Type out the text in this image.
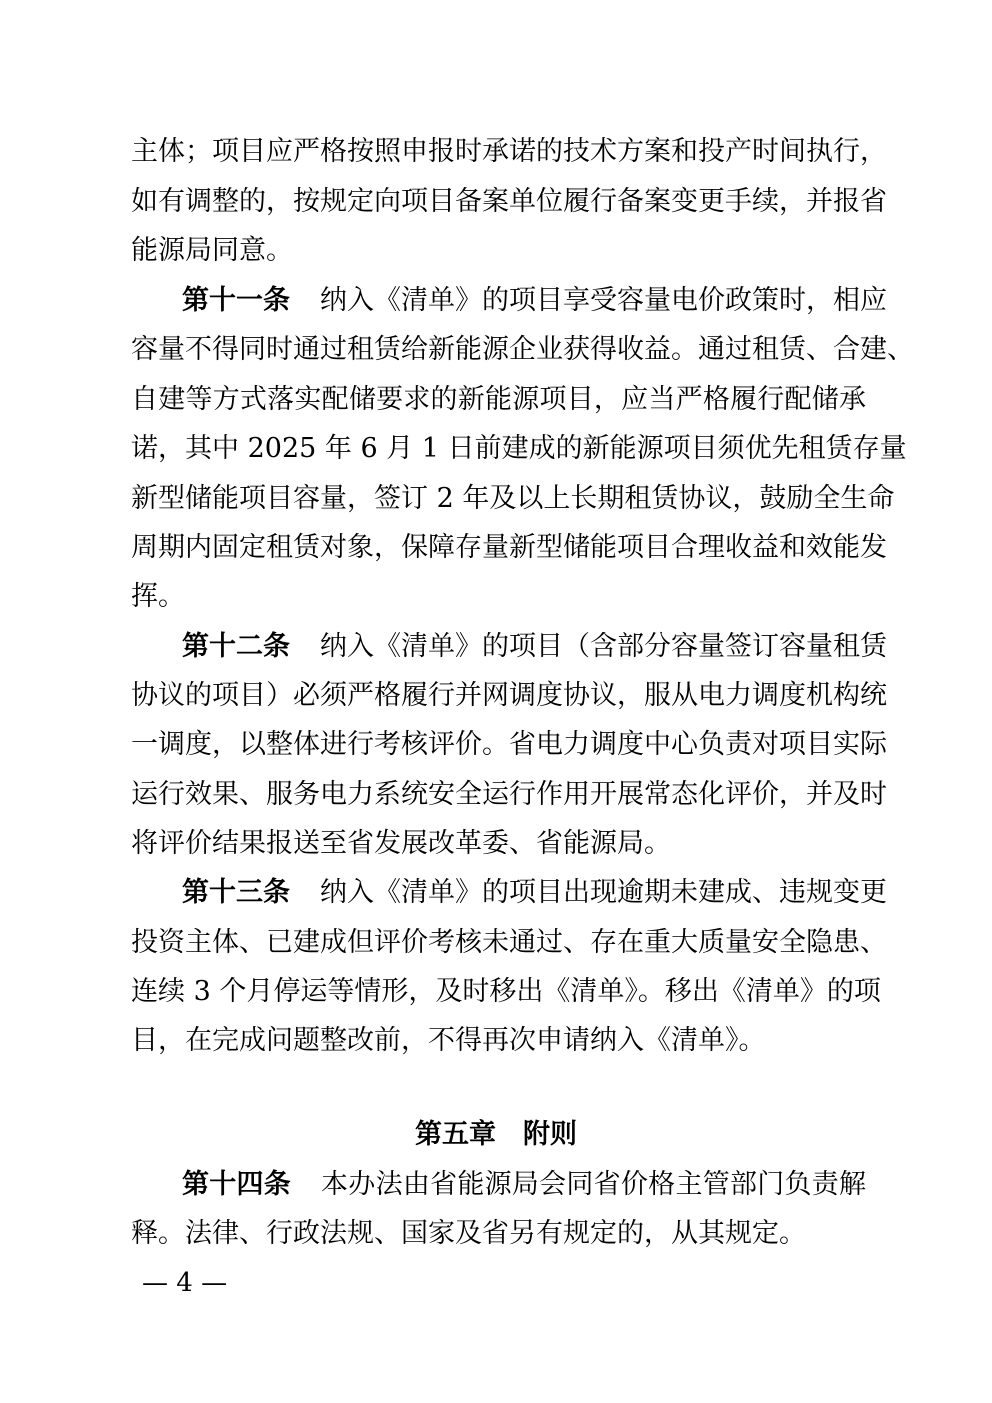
主体；项目应严格按照申报时承诺的技术方案和投产时间执行，
如有调整的，按规定向项目备案单位履行备案变更手续，并报省
能源局同意。
第十一条 纳入《清单》的项目享受容量电价政策时，相应
容量不得同时通过租赁给新能源企业获得收益。通过租赁、合建、
自建等方式落实配储要求的新能源项目，应当严格履行配储承
诺，其中 2025 年 6 月 1 日前建成的新能源项目须优先租赁存量
新型储能项目容量，签订 2 年及以上长期租赁协议，鼓励全生命
周期内固定租赁对象，保障存量新型储能项目合理收益和效能发
挥。
第十二条 纳入《清单》的项目（含部分容量签订容量租赁
协议的项目）必须严格履行并网调度协议，服从电力调度机构统
一调度，以整体进行考核评价。省电力调度中心负责对项目实际
运行效果、服务电力系统安全运行作用开展常态化评价，并及时
将评价结果报送至省发展改革委、省能源局。
第十三条 纳入《清单》的项目出现逾期未建成、违规变更
投资主体、已建成但评价考核未通过、存在重大质量安全隐患、
连续 3 个月停运等情形，及时移出《清单》。移出《清单》的项
目，在完成问题整改前，不得再次申请纳入《清单》。
第五章 附则
第十四条 本办法由省能源局会同省价格主管部门负责解
释。法律、行政法规、国家及省另有规定的，从其规定。
— 4 —
